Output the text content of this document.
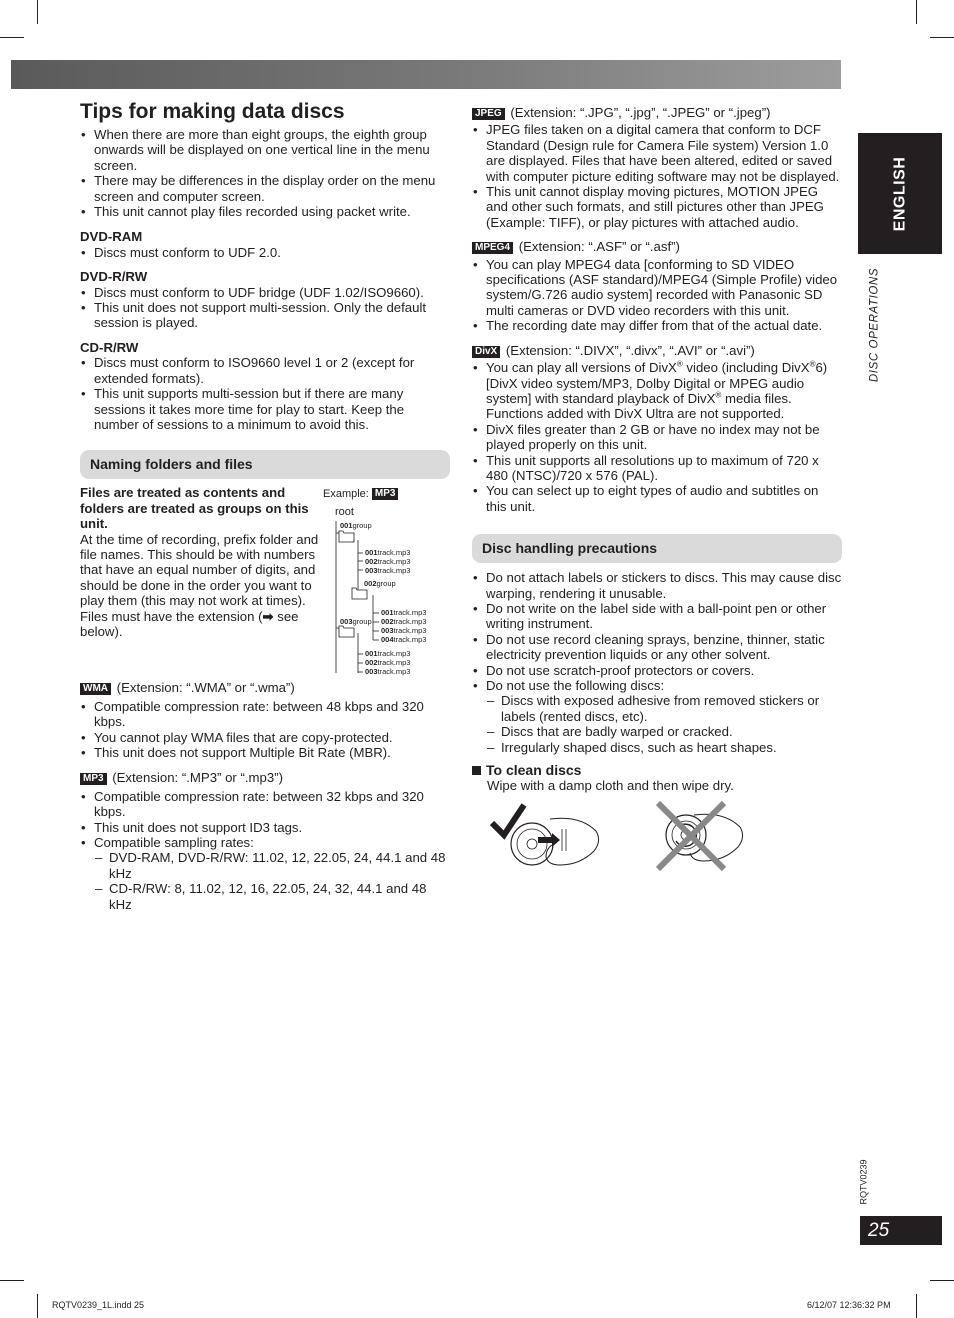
ENGLISH
DISC OPERATIONS
RQTV0239
25
Tips for making data discs
• When there are more than eight groups, the eighth group onwards will be displayed on one vertical line in the menu screen.
• There may be differences in the display order on the menu screen and computer screen.
• This unit cannot play files recorded using packet write.
DVD-RAM
• Discs must conform to UDF 2.0.
DVD-R/RW
• Discs must conform to UDF bridge (UDF 1.02/ISO9660).
• This unit does not support multi-session. Only the default session is played.
CD-R/RW
• Discs must conform to ISO9660 level 1 or 2 (except for extended formats).
• This unit supports multi-session but if there are many sessions it takes more time for play to start. Keep the number of sessions to a minimum to avoid this.
Naming folders and files
Files are treated as contents and folders are treated as groups on this unit.
At the time of recording, prefix folder and file names. This should be with numbers that have an equal number of digits, and should be done in the order you want to play them (this may not work at times). Files must have the extension (➡ see below).
Example: MP3
root
001group
001track.mp3
002track.mp3
003track.mp3
002group
001track.mp3
002track.mp3
003track.mp3
004track.mp3
003group
001track.mp3
002track.mp3
003track.mp3
WMA (Extension: “.WMA” or “.wma”)
• Compatible compression rate: between 48 kbps and 320 kbps.
• You cannot play WMA files that are copy-protected.
• This unit does not support Multiple Bit Rate (MBR).
MP3 (Extension: “.MP3” or “.mp3”)
• Compatible compression rate: between 32 kbps and 320 kbps.
• This unit does not support ID3 tags.
• Compatible sampling rates:
– DVD-RAM, DVD-R/RW: 11.02, 12, 22.05, 24, 44.1 and 48 kHz
– CD-R/RW: 8, 11.02, 12, 16, 22.05, 24, 32, 44.1 and 48 kHz
JPEG (Extension: “.JPG”, “.jpg”, “.JPEG” or “.jpeg”)
• JPEG files taken on a digital camera that conform to DCF Standard (Design rule for Camera File system) Version 1.0 are displayed. Files that have been altered, edited or saved with computer picture editing software may not be displayed.
• This unit cannot display moving pictures, MOTION JPEG and other such formats, and still pictures other than JPEG (Example: TIFF), or play pictures with attached audio.
MPEG4 (Extension: “.ASF” or “.asf”)
• You can play MPEG4 data [conforming to SD VIDEO specifications (ASF standard)/MPEG4 (Simple Profile) video system/G.726 audio system] recorded with Panasonic SD multi cameras or DVD video recorders with this unit.
• The recording date may differ from that of the actual date.
DivX (Extension: “.DIVX”, “.divx”, “.AVI” or “.avi”)
• You can play all versions of DivX® video (including DivX®6) [DivX video system/MP3, Dolby Digital or MPEG audio system] with standard playback of DivX® media files. Functions added with DivX Ultra are not supported.
• DivX files greater than 2 GB or have no index may not be played properly on this unit.
• This unit supports all resolutions up to maximum of 720 x 480 (NTSC)/720 x 576 (PAL).
• You can select up to eight types of audio and subtitles on this unit.
Disc handling precautions
• Do not attach labels or stickers to discs. This may cause disc warping, rendering it unusable.
• Do not write on the label side with a ball-point pen or other writing instrument.
• Do not use record cleaning sprays, benzine, thinner, static electricity prevention liquids or any other solvent.
• Do not use scratch-proof protectors or covers.
• Do not use the following discs:
– Discs with exposed adhesive from removed stickers or labels (rented discs, etc).
– Discs that are badly warped or cracked.
– Irregularly shaped discs, such as heart shapes.
To clean discs
Wipe with a damp cloth and then wipe dry.
RQTV0239_1L.indd 25	6/12/07 12:36:32 PM
